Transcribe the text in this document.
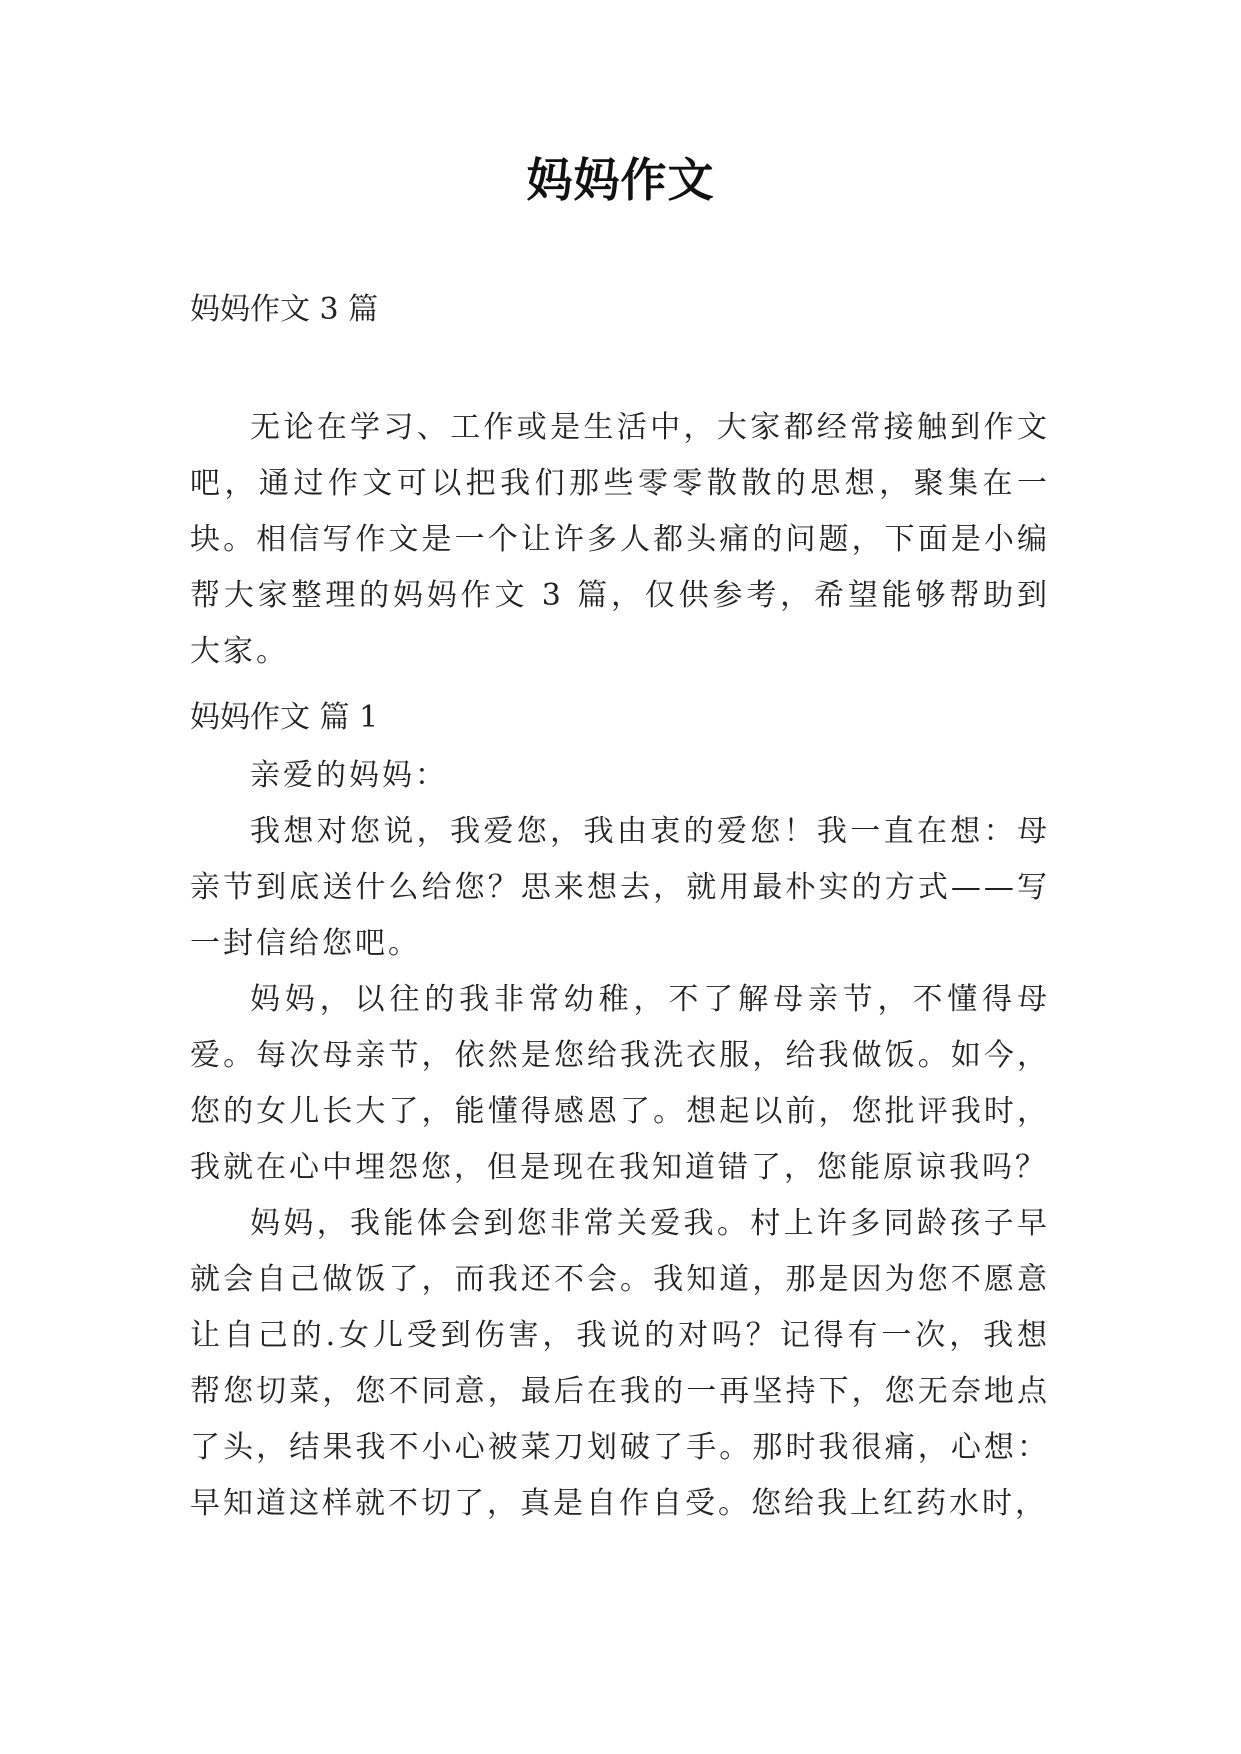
妈妈作文
妈妈作文 3 篇

无论在学习、工作或是生活中，大家都经常接触到作文吧，通过作文可以把我们那些零零散散的思想，聚集在一块。相信写作文是一个让许多人都头痛的问题，下面是小编帮大家整理的妈妈作文 3 篇，仅供参考，希望能够帮助到大家。

妈妈作文 篇 1

亲爱的妈妈：

我想对您说，我爱您，我由衷的爱您！我一直在想：母亲节到底送什么给您？思来想去，就用最朴实的方式——写一封信给您吧。

妈妈，以往的我非常幼稚，不了解母亲节，不懂得母爱。每次母亲节，依然是您给我洗衣服，给我做饭。如今，您的女儿长大了，能懂得感恩了。想起以前，您批评我时，我就在心中埋怨您，但是现在我知道错了，您能原谅我吗？

妈妈，我能体会到您非常关爱我。村上许多同龄孩子早就会自己做饭了，而我还不会。我知道，那是因为您不愿意让自己的.女儿受到伤害，我说的对吗？记得有一次，我想帮您切菜，您不同意，最后在我的一再坚持下，您无奈地点了头，结果我不小心被菜刀划破了手。那时我很痛，心想：早知道这样就不切了，真是自作自受。您给我上红药水时，
